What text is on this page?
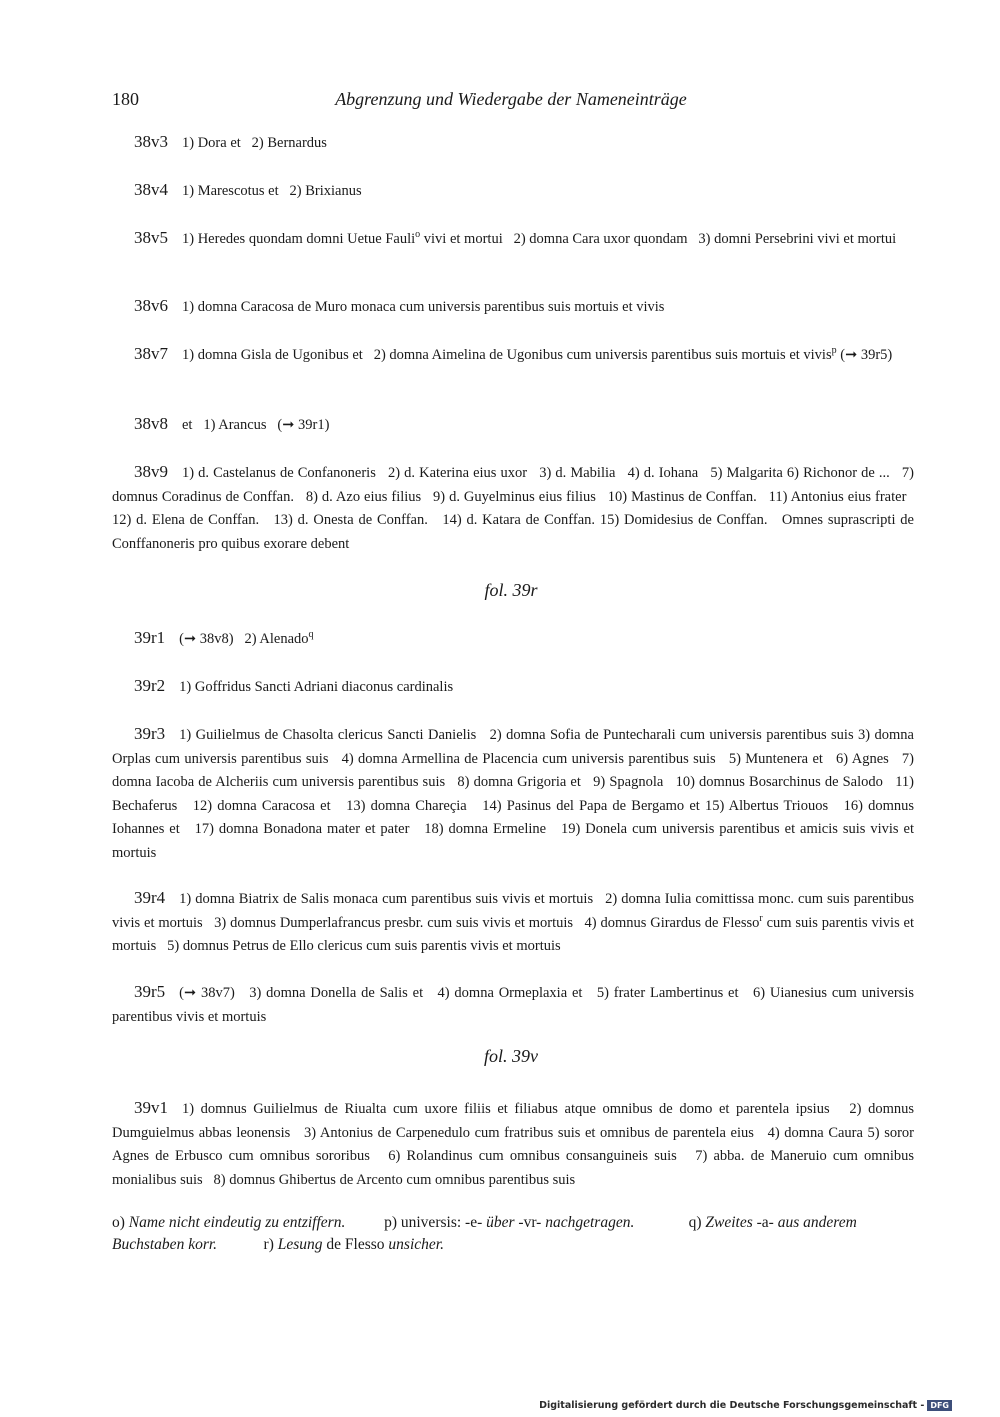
180	Abgrenzung und Wiedergabe der Nameneinträge
38v3 1) Dora et   2) Bernardus
38v4 1) Marescotus et   2) Brixianus
38v5 1) Heredes quondam domni Uetue Fauli$^o$ vivi et mortui   2) domna Cara uxor quondam   3) domni Persebrini vivi et mortui
38v6 1) domna Caracosa de Muro monaca cum universis parentibus suis mortuis et vivis
38v7 1) domna Gisla de Ugonibus et   2) domna Aimelina de Ugonibus cum universis parentibus suis mortuis et vivis$^p$ (➞ 39r5)
38v8 et   1) Arancus   (➞ 39r1)
38v9 1) d. Castelanus de Confanoneris   2) d. Katerina eius uxor   3) d. Mabilia   4) d. Iohana   5) Malgarita 6) Richonor de ...   7) domnus Coradinus de Conffan.   8) d. Azo eius filius   9) d. Guyelminus eius filius   10) Mastinus de Conffan.   11) Antonius eius frater   12) d. Elena de Conffan.   13) d. Onesta de Conffan.   14) d. Katara de Conffan. 15) Domidesius de Conffan.   Omnes suprascripti de Conffanoneris pro quibus exorare debent
fol. 39r
39r1 (➞ 38v8)   2) Alenado$^q$
39r2 1) Goffridus Sancti Adriani diaconus cardinalis
39r3 1) Guilielmus de Chasolta clericus Sancti Danielis   2) domna Sofia de Puntecharali cum universis parentibus suis 3) domna Orplas cum universis parentibus suis   4) domna Armellina de Placencia cum universis parentibus suis   5) Muntenera et   6) Agnes   7) domna Iacoba de Alcheriis cum universis parentibus suis   8) domna Grigoria et   9) Spagnola   10) domnus Bosarchinus de Salodo   11) Bechaferus   12) domna Caracosa et   13) domna Chareçia   14) Pasinus del Papa de Bergamo et 15) Albertus Triouos   16) domnus Iohannes et   17) domna Bonadona mater et pater   18) domna Ermeline   19) Donela cum universis parentibus et amicis suis vivis et mortuis
39r4 1) domna Biatrix de Salis monaca cum parentibus suis vivis et mortuis   2) domna Iulia comittissa monc. cum suis parentibus vivis et mortuis   3) domnus Dumperlafrancus presbr. cum suis vivis et mortuis   4) domnus Girardus de Flesso$^r$ cum suis parentis vivis et mortuis   5) domnus Petrus de Ello clericus cum suis parentis vivis et mortuis
39r5 (➞ 38v7)   3) domna Donella de Salis et   4) domna Ormeplaxia et   5) frater Lambertinus et   6) Uianesius cum universis parentibus vivis et mortuis
fol. 39v
39v1 1) domnus Guilielmus de Riualta cum uxore filiis et filiabus atque omnibus de domo et parentela ipsius   2) domnus Dumguielmus abbas leonensis   3) Antonius de Carpenedulo cum fratribus suis et omnibus de parentela eius   4) domna Caura 5) soror Agnes de Erbusco cum omnibus sororibus   6) Rolandinus cum omnibus consanguineis suis   7) abba. de Maneruio cum omnibus monialibus suis   8) domnus Ghibertus de Arcento cum omnibus parentibus suis
o) Name nicht eindeutig zu entziffern.          p) universis: -e- über -vr- nachgetragen.              q) Zweites -a- aus anderem Buchstaben korr.            r) Lesung de Flesso unsicher.
Digitalisierung gefördert durch die Deutsche Forschungsgemeinschaft - DFG
